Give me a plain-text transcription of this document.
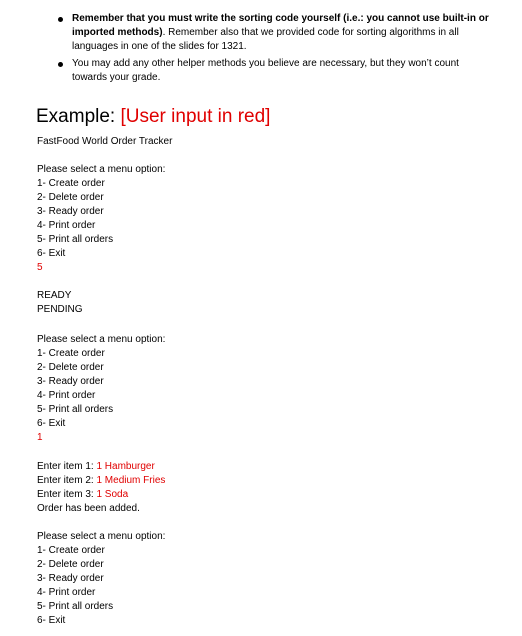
Remember that you must write the sorting code yourself (i.e.: you cannot use built-in or imported methods). Remember also that we provided code for sorting algorithms in all languages in one of the slides for 1321.
You may add any other helper methods you believe are necessary, but they won’t count towards your grade.
Example: [User input in red]
FastFood World Order Tracker
Please select a menu option:
1- Create order
2- Delete order
3- Ready order
4- Print order
5- Print all orders
6- Exit
5
READY
PENDING
Please select a menu option:
1- Create order
2- Delete order
3- Ready order
4- Print order
5- Print all orders
6- Exit
1
Enter item 1: 1 Hamburger
Enter item 2: 1 Medium Fries
Enter item 3: 1 Soda
Order has been added.
Please select a menu option:
1- Create order
2- Delete order
3- Ready order
4- Print order
5- Print all orders
6- Exit
